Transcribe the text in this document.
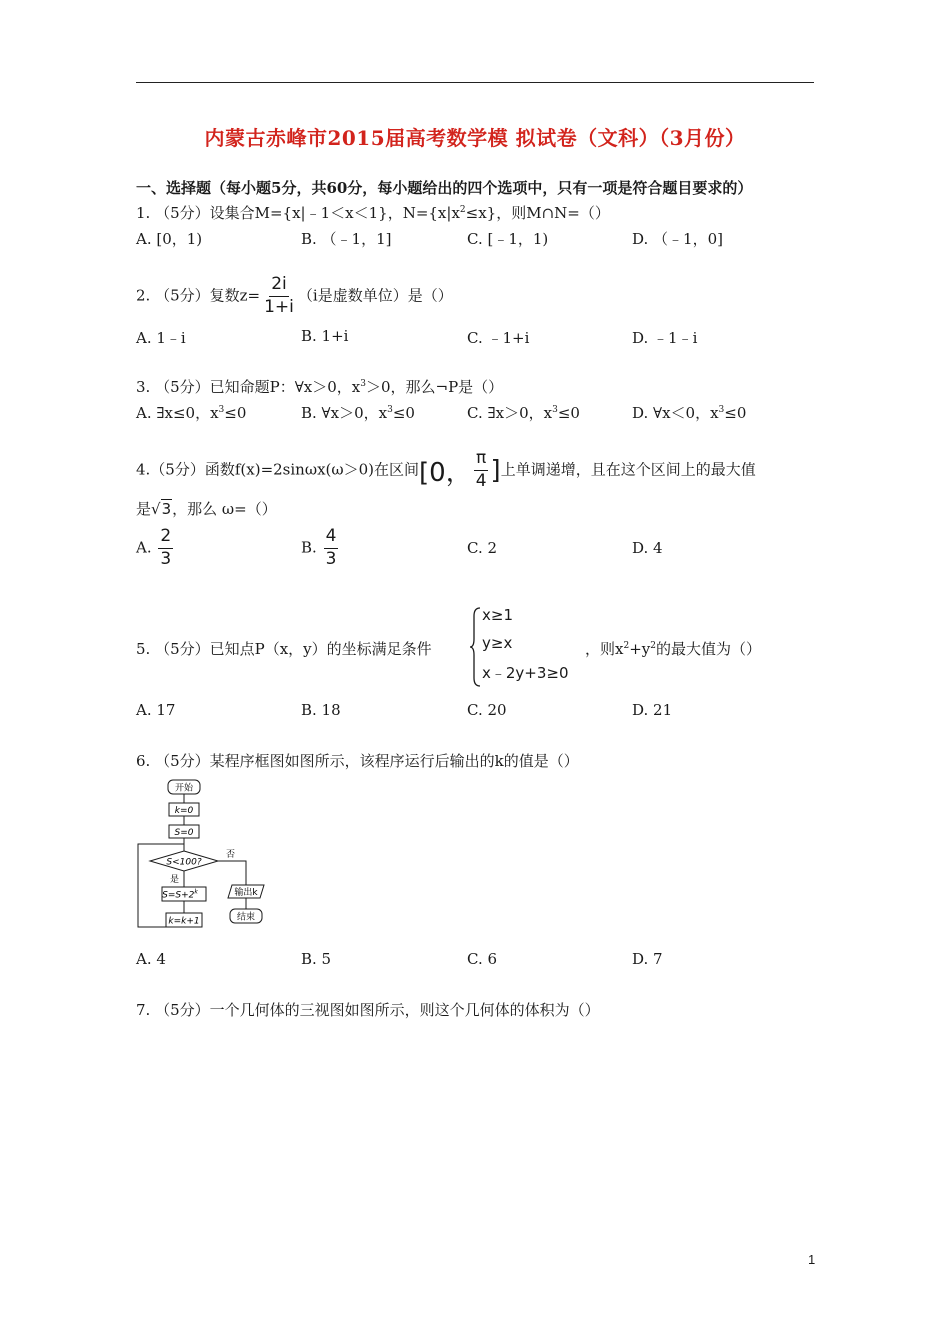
内蒙古赤峰市2015届高考数学模 拟试卷（文科）（3月份）
一、选择题（每小题5分，共60分，每小题给出的四个选项中，只有一项是符合题目要求的）
1. （5分）设集合M={x|﹣1＜x＜1}，$N=\{x|x^2\le x\}$，则M∩N=（）
A. [0，1)	B. （﹣1，1]	C. [﹣1，1)	D. （﹣1，0]
2. （5分）复数$z= \frac{2i}{1+i} (i$是虚数单位）是（）
A. 1﹣i	B. 1+i	C. ﹣1+i	D. ﹣1﹣i
3. （5分）已知命题P：∀x＞0，$x^3>0$，那么¬P是（）
A. ∃x≤0，$x^3\le 0$	B. ∀x＞0，$x^3\le 0$	C. ∃x＞0，$x^3\le 0$	D. ∀x＜0，$x^3\le 0$
4.（5分）函数f(x)=2sinωx(ω＞0)在区间[0， $\frac{\pi}{4}$ ]上单调递增，且在这个区间上的最大值
是√3，那么 ω=（）
A. $\frac{2}{3}$	B. $\frac{4}{3}$	C. 2	D. 4
5. （5分）已知点P（x，y）的坐标满足条件
x≥1
y≥x
x﹣2y+3≥0
，则$x^2+y^2$的最大值为（）
A. 17	B. 18	C. 20	D. 21
6. （5分）某程序框图如图所示，该程序运行后输出的k的值是（）
开始
k=0
S=0
S<100?
否
是
$S=S+2^k$
k=k+1
输出k
结束
A. 4	B. 5	C. 6	D. 7
7. （5分）一个几何体的三视图如图所示，则这个几何体的体积为（）
1
